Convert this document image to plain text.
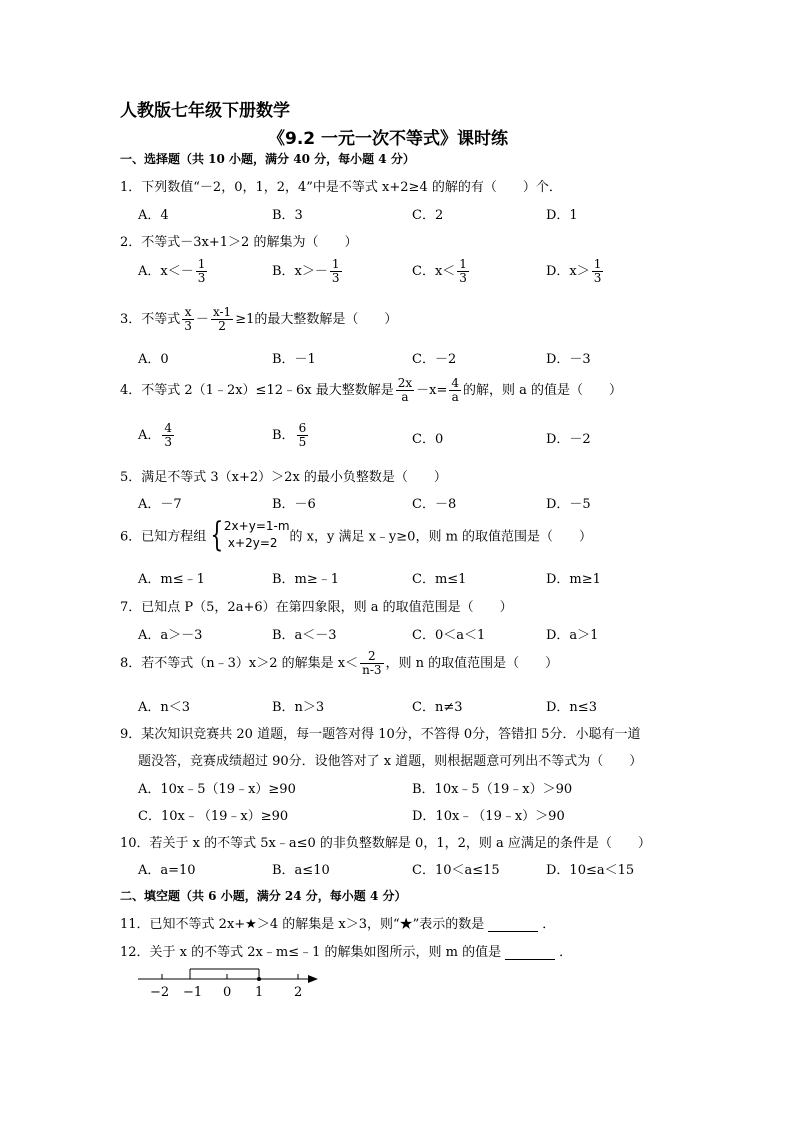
人教版七年级下册数学
《9.2 一元一次不等式》课时练
一、选择题（共 10 小题，满分 40 分，每小题 4 分）
1．下列数值“－2，0，1，2，4”中是不等式 x+2≥4 的解的有（　　）个．
A．4	B．3	C．2	D．1
2．不等式－3x+1＞2 的解集为（　　）
A．$x<- \frac{1}{3}$	B．$x>- \frac{1}{3}$	C．$x< \frac{1}{3}$	D．$x> \frac{1}{3}$
3．不等式 $\frac{x}{3} - \frac{x-1}{2} \ge 1$的最大整数解是（　　）
A．0	B．－1	C．－2	D．－3
4．不等式 2（1﹣2x）≤12﹣6x 最大整数解是 $\frac{2x}{a} -x= \frac{4}{a}$ 的解，则 a 的值是（　　）
A． $\frac{4}{3}$	B． $\frac{6}{5}$	C．0	D．－2
5．满足不等式 3（x+2）＞2x 的最小负整数是（　　）
A．－7	B．－6	C．－8	D．－5
6．已知方程组 { 2x+y=1-m
x+2y=2 的 x，y 满足 x﹣y≥0，则 m 的取值范围是（　　）
A．m≤﹣1	B．m≥﹣1	C．m≤1	D．m≥1
7．已知点 P（5，2a+6）在第四象限，则 a 的取值范围是（　　）
A．a＞－3	B．a＜－3	C．0＜a＜1	D．a＞1
8．若不等式（n﹣3）x＞2 的解集是 $x< \frac{2}{n-3}$ ，则 n 的取值范围是（　　）
A．n＜3	B．n＞3	C．n≠3	D．n≤3
9．某次知识竞赛共 20 道题，每一题答对得 10分，不答得 0分，答错扣 5分．小聪有一道
题没答，竞赛成绩超过 90分．设他答对了 x 道题，则根据题意可列出不等式为（　　）
A．10x﹣5（19﹣x）≥90	B．10x﹣5（19﹣x）＞90
C．10x﹣（19﹣x）≥90	D．10x﹣（19﹣x）＞90
10．若关于 x 的不等式 5x﹣a≤0 的非负整数解是 0，1，2，则 a 应满足的条件是（　　）
A．a=10	B．a≤10	C．10＜a≤15	D．10≤a＜15
二、填空题（共 6 小题，满分 24 分，每小题 4 分）
11．已知不等式 2x+★＞4 的解集是 x＞3，则“★”表示的数是	．
12．关于 x 的不等式 2x﹣m≤﹣1 的解集如图所示，则 m 的值是	．
−2 −1 0 1 2
